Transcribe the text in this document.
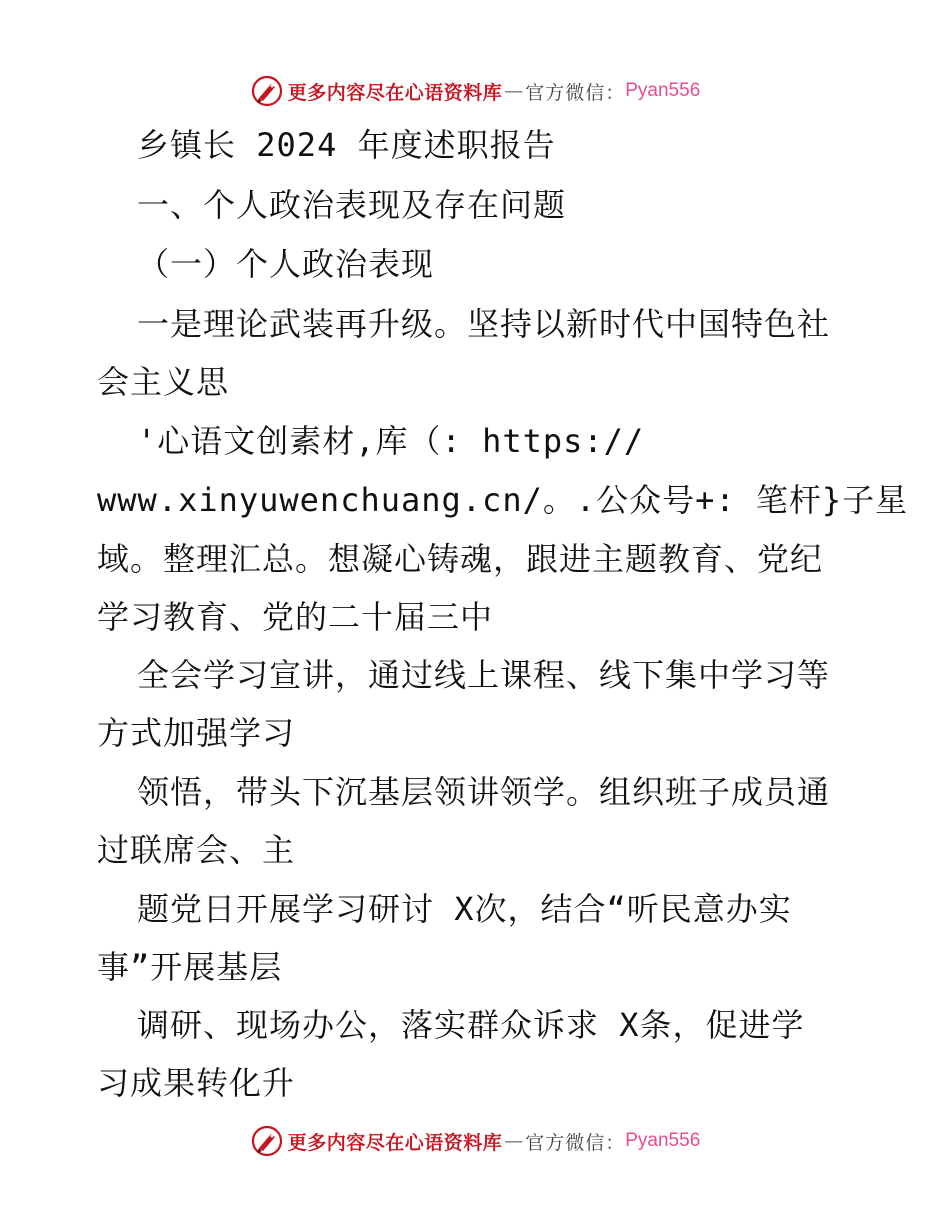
更多内容尽在心语资料库 — 官方微信： Pyan556
乡镇长 2024 年度述职报告
一、个人政治表现及存在问题
（一）个人政治表现
一是理论武装再升级。坚持以新时代中国特色社
会主义思
'心语文创素材,库（: https://
www.xinyuwenchuang.cn/。.公众号+: 笔杆}子星
域。整理汇总。想凝心铸魂，跟进主题教育、党纪
学习教育、党的二十届三中
全会学习宣讲，通过线上课程、线下集中学习等
方式加强学习
领悟，带头下沉基层领讲领学。组织班子成员通
过联席会、主
题党日开展学习研讨 X次，结合“听民意办实
事”开展基层
调研、现场办公，落实群众诉求 X条，促进学
习成果转化升
更多内容尽在心语资料库 — 官方微信： Pyan556
